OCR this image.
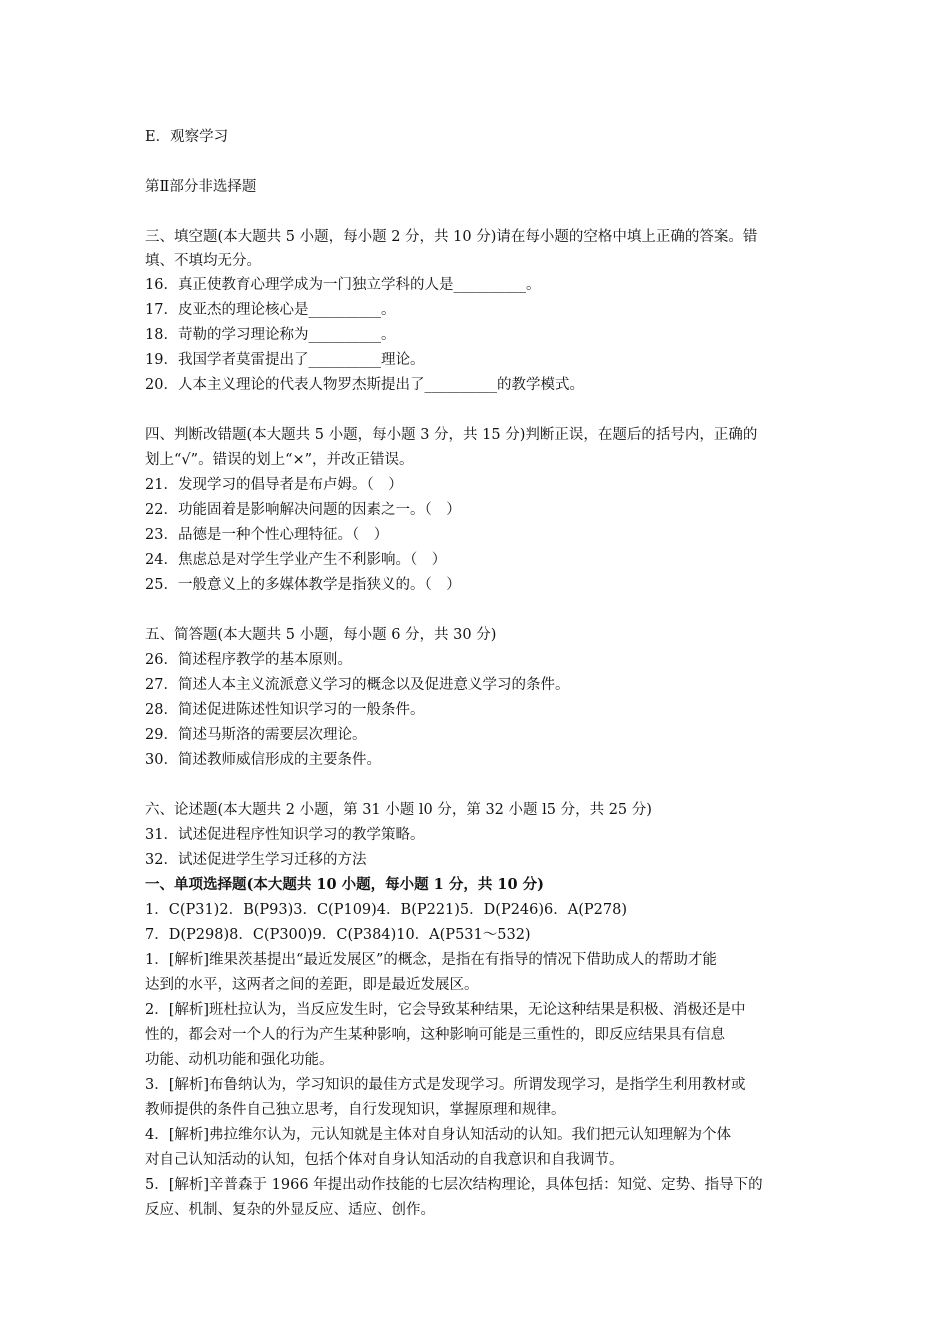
E．观察学习
第Ⅱ部分非选择题
三、填空题(本大题共 5 小题，每小题 2 分，共 10 分)请在每小题的空格中填上正确的答案。错
填、不填均无分。
16．真正使教育心理学成为一门独立学科的人是__________。
17．皮亚杰的理论核心是__________。
18．苛勒的学习理论称为__________。
19．我国学者莫雷提出了__________理论。
20．人本主义理论的代表人物罗杰斯提出了__________的教学模式。
四、判断改错题(本大题共 5 小题，每小题 3 分，共 15 分)判断正误，在题后的括号内，正确的
划上“√”。错误的划上“×”，并改正错误。
21．发现学习的倡导者是布卢姆。（　）
22．功能固着是影响解决问题的因素之一。（　）
23．品德是一种个性心理特征。（　）
24．焦虑总是对学生学业产生不利影响。（　）
25．一般意义上的多媒体教学是指狭义的。（　）
五、简答题(本大题共 5 小题，每小题 6 分，共 30 分)
26．简述程序教学的基本原则。
27．简述人本主义流派意义学习的概念以及促进意义学习的条件。
28．简述促进陈述性知识学习的一般条件。
29．简述马斯洛的需要层次理论。
30．简述教师威信形成的主要条件。
六、论述题(本大题共 2 小题，第 31 小题 l0 分，第 32 小题 l5 分，共 25 分)
31．试述促进程序性知识学习的教学策略。
32．试述促进学生学习迁移的方法
一、单项选择题(本大题共 10 小题，每小题 1 分，共 10 分)
1．C(P31)2．B(P93)3．C(P109)4．B(P221)5．D(P246)6．A(P278)
7．D(P298)8．C(P300)9．C(P384)10．A(P531～532)
1．[解析]维果茨基提出“最近发展区”的概念，是指在有指导的情况下借助成人的帮助才能
达到的水平，这两者之间的差距，即是最近发展区。
2．[解析]班杜拉认为，当反应发生时，它会导致某种结果，无论这种结果是积极、消极还是中
性的，都会对一个人的行为产生某种影响，这种影响可能是三重性的，即反应结果具有信息
功能、动机功能和强化功能。
3．[解析]布鲁纳认为，学习知识的最佳方式是发现学习。所谓发现学习，是指学生利用教材或
教师提供的条件自己独立思考，自行发现知识，掌握原理和规律。
4．[解析]弗拉维尔认为，元认知就是主体对自身认知活动的认知。我们把元认知理解为个体
对自己认知活动的认知，包括个体对自身认知活动的自我意识和自我调节。
5．[解析]辛普森于 1966 年提出动作技能的七层次结构理论，具体包括：知觉、定势、指导下的
反应、机制、复杂的外显反应、适应、创作。
